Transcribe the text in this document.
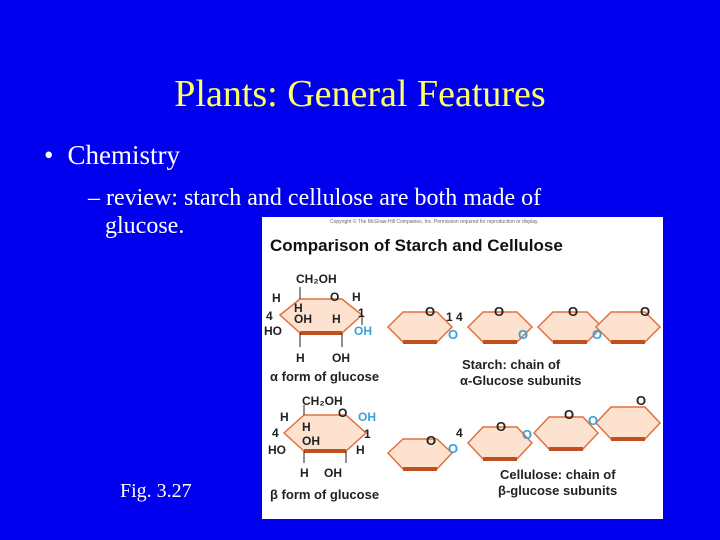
Plants: General Features
• Chemistry
– review: starch and cellulose are both made of
glucose.
Comparison of Starch and Cellulose
CH₂OH
H	O H
H
4 OH H 1
HO	OH
H OH
α form of glucose
O	O	O	O
1 4
O	O	O
Starch: chain of
α-Glucose subunits
CH₂OH
O OH
H
H
4
OH	1
HO	H
H OH
β form of glucose
O
O
O
O
O O
O
4
Cellulose: chain of
β-glucose subunits
Copyright © The McGraw-Hill Companies, Inc. Permission required for reproduction or display.
Fig. 3.27
